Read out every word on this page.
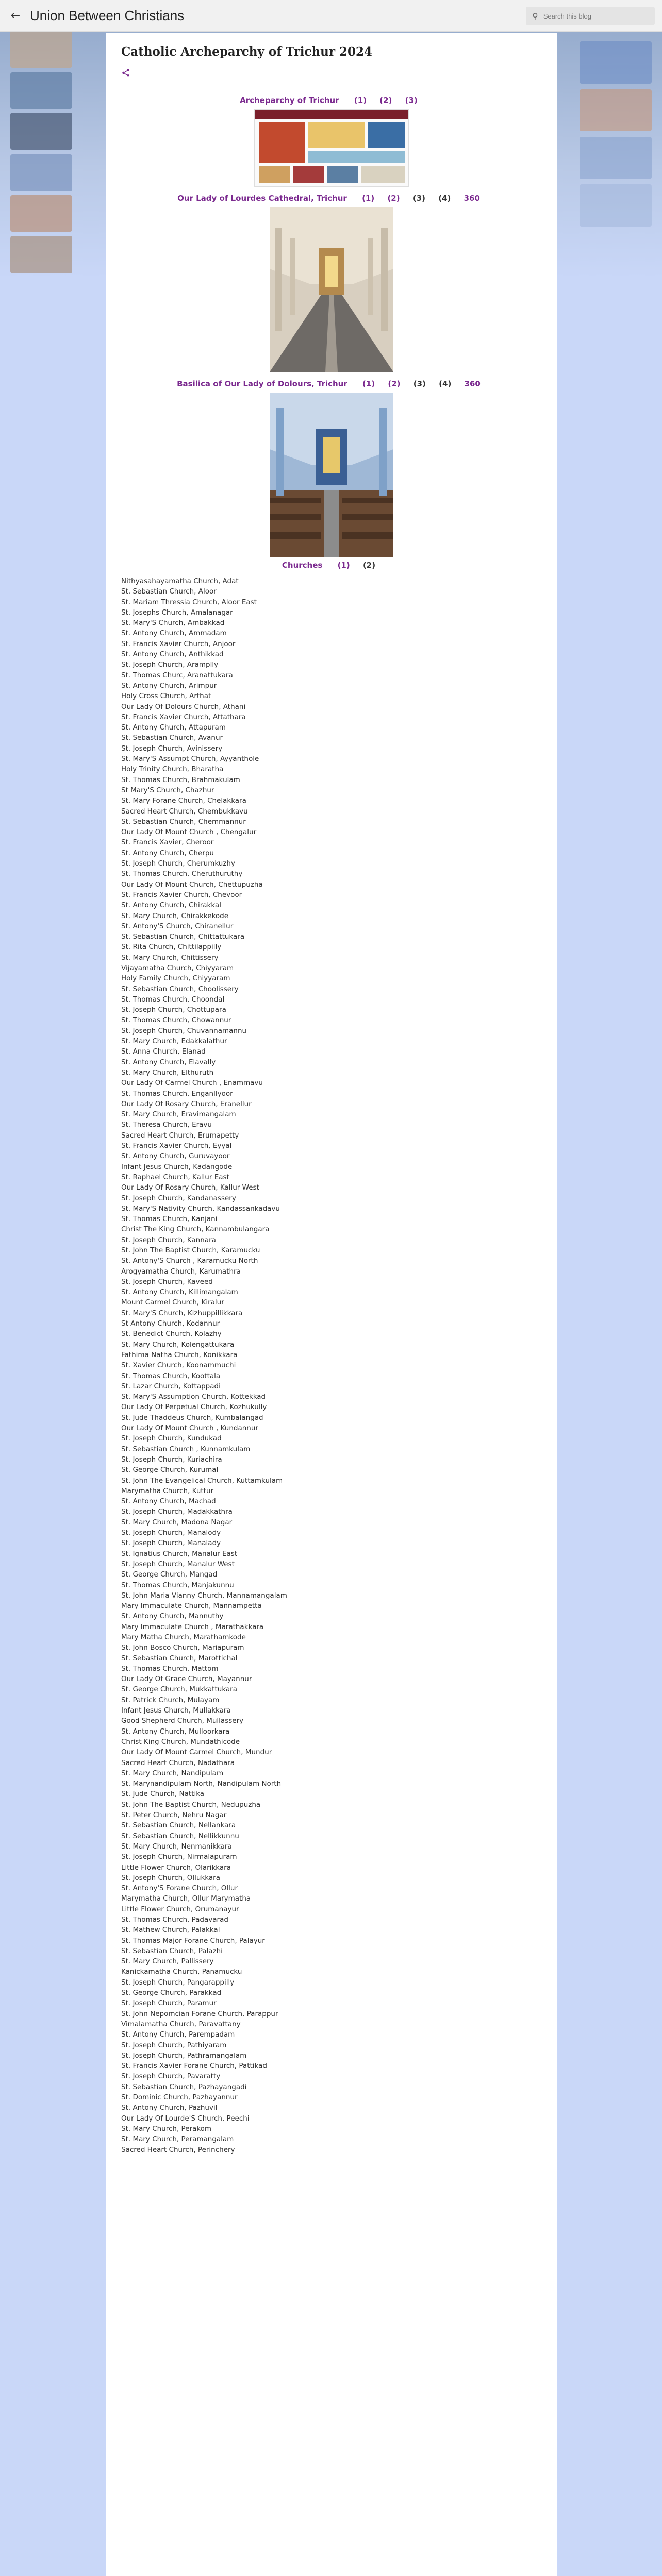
← Union Between Christians	⚲
Search this blog
Catholic Archeparchy of Trichur 2024
Archeparchy of Trichur (1) (2) (3)
Our Lady of Lourdes Cathedral, Trichur (1) (2) (3) (4) 360
Basilica of Our Lady of Dolours, Trichur (1) (2) (3) (4) 360
Churches (1) (2)
Nithyasahayamatha Church, Adat
St. Sebastian Church, Aloor
St. Mariam Thressia Church, Aloor East
St. Josephs Church, Amalanagar
St. Mary'S Church, Ambakkad
St. Antony Church, Ammadam
St. Francis Xavier Church, Anjoor
St. Antony Church, Anthikkad
St. Joseph Church, Aramplly
St. Thomas Churc, Aranattukara
St. Antony Church, Arimpur
Holy Cross Church, Arthat
Our Lady Of Dolours Church, Athani
St. Francis Xavier Church, Attathara
St. Antony Church, Attapuram
St. Sebastian Church, Avanur
St. Joseph Church, Avinissery
St. Mary'S Assumpt Church, Ayyanthole
Holy Trinity Church, Bharatha
St. Thomas Church, Brahmakulam
St Mary'S Church, Chazhur
St. Mary Forane Church, Chelakkara
Sacred Heart Church, Chembukkavu
St. Sebastian Church, Chemmannur
Our Lady Of Mount Church , Chengalur
St. Francis Xavier, Cheroor
St. Antony Church, Cherpu
St. Joseph Church, Cherumkuzhy
St. Thomas Church, Cheruthuruthy
Our Lady Of Mount Church, Chettupuzha
St. Francis Xavier Church, Chevoor
St. Antony Church, Chirakkal
St. Mary Church, Chirakkekode
St. Antony'S Church, Chiranellur
St. Sebastian Church, Chittattukara
St. Rita Church, Chittilappilly
St. Mary Church, Chittissery
Vijayamatha Church, Chiyyaram
Holy Family Church, Chiyyaram
St. Sebastian Church, Choolissery
St. Thomas Church, Choondal
St. Joseph Church, Chottupara
St. Thomas Church, Chowannur
St. Joseph Church, Chuvannamannu
St. Mary Church, Edakkalathur
St. Anna Church, Elanad
St. Antony Church, Elavally
St. Mary Church, Elthuruth
Our Lady Of Carmel Church , Enammavu
St. Thomas Church, Enganllyoor
Our Lady Of Rosary Church, Eranellur
St. Mary Church, Eravimangalam
St. Theresa Church, Eravu
Sacred Heart Church, Erumapetty
St. Francis Xavier Church, Eyyal
St. Antony Church, Guruvayoor
Infant Jesus Church, Kadangode
St. Raphael Church, Kallur East
Our Lady Of Rosary Church, Kallur West
St. Joseph Church, Kandanassery
St. Mary'S Nativity Church, Kandassankadavu
St. Thomas Church, Kanjani
Christ The King Church, Kannambulangara
St. Joseph Church, Kannara
St. John The Baptist Church, Karamucku
St. Antony'S Church , Karamucku North
Arogyamatha Church, Karumathra
St. Joseph Church, Kaveed
St. Antony Church, Killimangalam
Mount Carmel Church, Kiralur
St. Mary'S Church, Kizhuppillikkara
St Antony Church, Kodannur
St. Benedict Church, Kolazhy
St. Mary Church, Kolengattukara
Fathima Natha Church, Konikkara
St. Xavier Church, Koonammuchi
St. Thomas Church, Koottala
St. Lazar Church, Kottappadi
St. Mary'S Assumption Church, Kottekkad
Our Lady Of Perpetual Church, Kozhukully
St. Jude Thaddeus Church, Kumbalangad
Our Lady Of Mount Church , Kundannur
St. Joseph Church, Kundukad
St. Sebastian Church , Kunnamkulam
St. Joseph Church, Kuriachira
St. George Church, Kurumal
St. John The Evangelical Church, Kuttamkulam
Marymatha Church, Kuttur
St. Antony Church, Machad
St. Joseph Church, Madakkathra
St. Mary Church, Madona Nagar
St. Joseph Church, Manalody
St. Joseph Church, Manalady
St. Ignatius Church, Manalur East
St. Joseph Church, Manalur West
St. George Church, Mangad
St. Thomas Church, Manjakunnu
St. John Maria Vianny Church, Mannamangalam
Mary Immaculate Church, Mannampetta
St. Antony Church, Mannuthy
Mary Immaculate Church , Marathakkara
Mary Matha Church, Marathamkode
St. John Bosco Church, Mariapuram
St. Sebastian Church, Marottichal
St. Thomas Church, Mattom
Our Lady Of Grace Church, Mayannur
St. George Church, Mukkattukara
St. Patrick Church, Mulayam
Infant Jesus Church, Mullakkara
Good Shepherd Church, Mullassery
St. Antony Church, Mulloorkara
Christ King Church, Mundathicode
Our Lady Of Mount Carmel Church, Mundur
Sacred Heart Church, Nadathara
St. Mary Church, Nandipulam
St. Marynandipulam North, Nandipulam North
St. Jude Church, Nattika
St. John The Baptist Church, Nedupuzha
St. Peter Church, Nehru Nagar
St. Sebastian Church, Nellankara
St. Sebastian Church, Nellikkunnu
St. Mary Church, Nenmanikkara
St. Joseph Church, Nirmalapuram
Little Flower Church, Olarikkara
St. Joseph Church, Ollukkara
St. Antony'S Forane Church, Ollur
Marymatha Church, Ollur Marymatha
Little Flower Church, Orumanayur
St. Thomas Church, Padavarad
St. Mathew Church, Palakkal
St. Thomas Major Forane Church, Palayur
St. Sebastian Church, Palazhi
St. Mary Church, Pallissery
Kanickamatha Church, Panamucku
St. Joseph Church, Pangarappilly
St. George Church, Parakkad
St. Joseph Church, Paramur
St. John Nepomcian Forane Church, Parappur
Vimalamatha Church, Paravattany
St. Antony Church, Parempadam
St. Joseph Church, Pathiyaram
St. Joseph Church, Pathramangalam
St. Francis Xavier Forane Church, Pattikad
St. Joseph Church, Pavaratty
St. Sebastian Church, Pazhayangadi
St. Dominic Church, Pazhayannur
St. Antony Church, Pazhuvil
Our Lady Of Lourde'S Church, Peechi
St. Mary Church, Perakom
St. Mary Church, Peramangalam
Sacred Heart Church, Perinchery
